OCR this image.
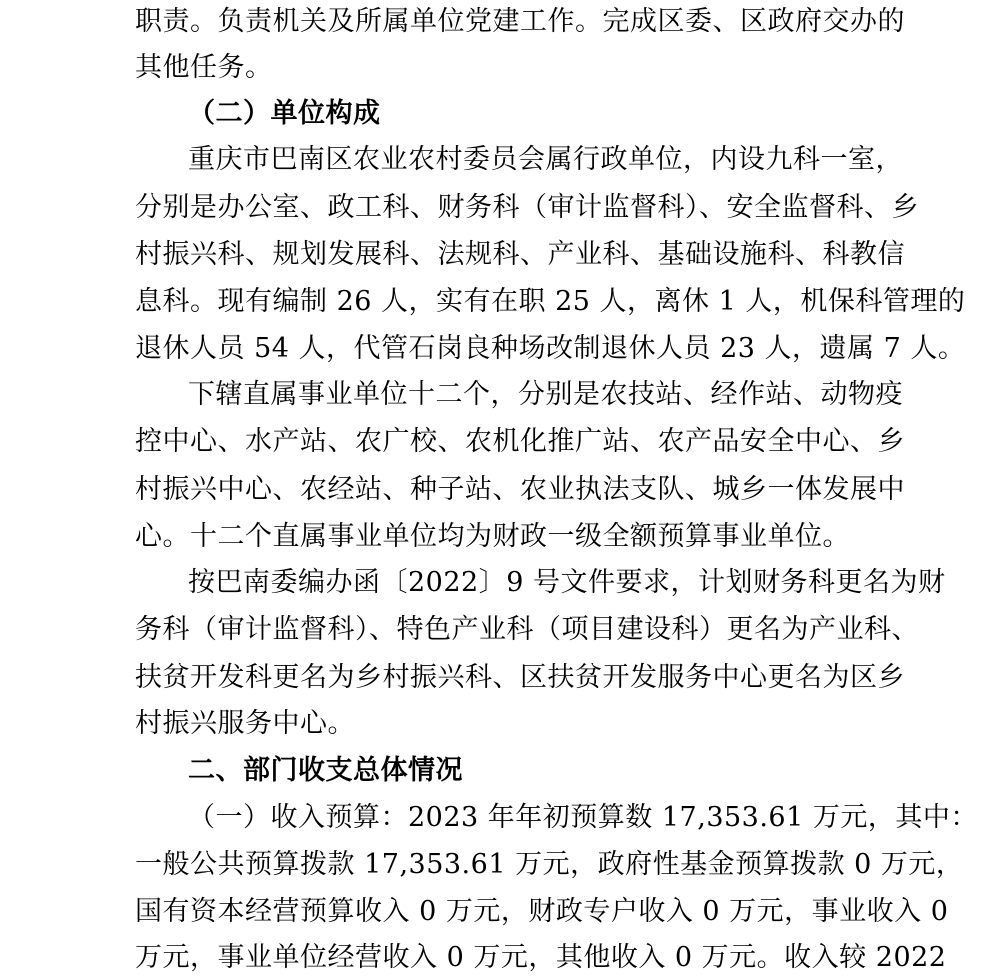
职责。负责机关及所属单位党建工作。完成区委、区政府交办的
其他任务。
（二）单位构成
重庆市巴南区农业农村委员会属行政单位，内设九科一室，
分别是办公室、政工科、财务科（审计监督科）、安全监督科、乡
村振兴科、规划发展科、法规科、产业科、基础设施科、科教信
息科。现有编制 26 人，实有在职 25 人，离休 1 人，机保科管理的
退休人员 54 人，代管石岗良种场改制退休人员 23 人，遗属 7 人。
下辖直属事业单位十二个，分别是农技站、经作站、动物疫
控中心、水产站、农广校、农机化推广站、农产品安全中心、乡
村振兴中心、农经站、种子站、农业执法支队、城乡一体发展中
心。十二个直属事业单位均为财政一级全额预算事业单位。
按巴南委编办函〔2022〕9 号文件要求，计划财务科更名为财
务科（审计监督科）、特色产业科（项目建设科）更名为产业科、
扶贫开发科更名为乡村振兴科、区扶贫开发服务中心更名为区乡
村振兴服务中心。
二、部门收支总体情况
（一）收入预算：2023 年年初预算数 17,353.61 万元，其中：
一般公共预算拨款 17,353.61 万元，政府性基金预算拨款 0 万元，
国有资本经营预算收入 0 万元，财政专户收入 0 万元，事业收入 0
万元，事业单位经营收入 0 万元，其他收入 0 万元。收入较 2022
